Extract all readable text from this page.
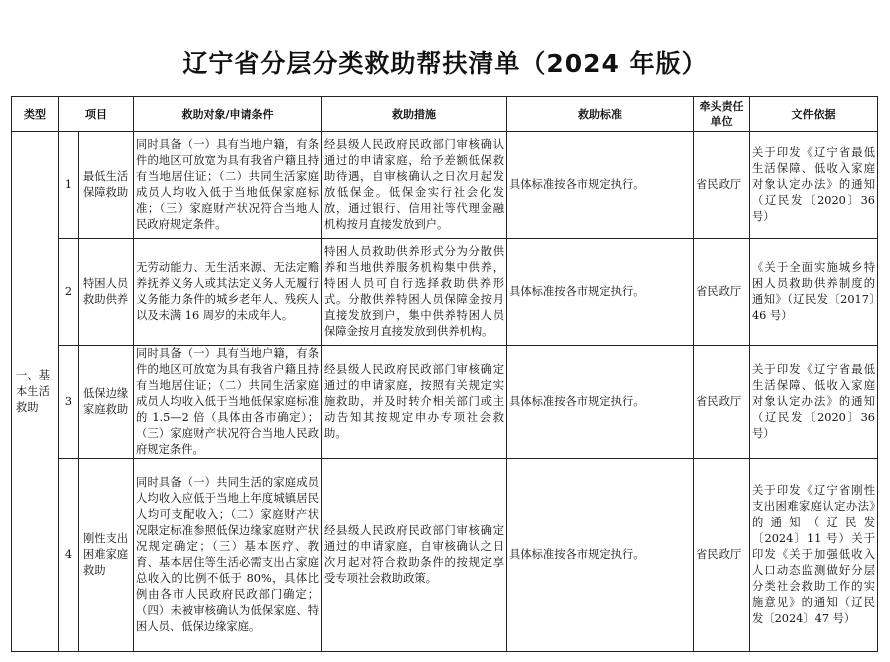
辽宁省分层分类救助帮扶清单（2024 年版）
类型	项目		救助对象/申请条件	救助措施	救助标准	牵头责任单位	文件依据
一、基本生活救助	1	最低生活保障救助	同时具备（一）具有当地户籍，有条件的地区可放宽为具有我省户籍且持有当地居住证；（二）共同生活家庭成员人均收入低于当地低保家庭标准；（三）家庭财产状况符合当地人民政府规定条件。	经县级人民政府民政部门审核确认通过的申请家庭，给予差额低保救助待遇，自审核确认之日次月起发放低保金。低保金实行社会化发放，通过银行、信用社等代理金融机构按月直接发放到户。	具体标准按各市规定执行。	省民政厅	关于印发《辽宁省最低生活保障、低收入家庭对象认定办法》的通知（辽民发〔2020〕36 号）
	2	特困人员救助供养	无劳动能力、无生活来源、无法定赡养抚养义务人或其法定义务人无履行义务能力条件的城乡老年人、残疾人以及未满 16 周岁的未成年人。	特困人员救助供养形式分为分散供养和当地供养服务机构集中供养，特困人员可自行选择救助供养形式。分散供养特困人员保障金按月直接发放到户，集中供养特困人员保障金按月直接发放到供养机构。	具体标准按各市规定执行。	省民政厅	《关于全面实施城乡特困人员救助供养制度的通知》（辽民发〔2017〕46 号）
	3	低保边缘家庭救助	同时具备（一）具有当地户籍，有条件的地区可放宽为具有我省户籍且持有当地居住证；（二）共同生活家庭成员人均收入低于当地低保家庭标准的 1.5—2 倍（具体由各市确定）；（三）家庭财产状况符合当地人民政府规定条件。	经县级人民政府民政部门审核确定通过的申请家庭，按照有关规定实施救助，并及时转介相关部门或主动告知其按规定申办专项社会救助。	具体标准按各市规定执行。	省民政厅	关于印发《辽宁省最低生活保障、低收入家庭对象认定办法》的通知（辽民发〔2020〕36 号）
	4	刚性支出困难家庭救助	同时具备（一）共同生活的家庭成员人均收入应低于当地上年度城镇居民人均可支配收入；（二）家庭财产状况限定标准参照低保边缘家庭财产状况规定确定；（三）基本医疗、教育、基本居住等生活必需支出占家庭总收入的比例不低于 80%，具体比例由各市人民政府民政部门确定；（四）未被审核确认为低保家庭、特困人员、低保边缘家庭。	经县级人民政府民政部门审核确定通过的申请家庭，自审核确认之日次月起对符合救助条件的按规定享受专项社会救助政策。	具体标准按各市规定执行。	省民政厅	关于印发《辽宁省刚性支出困难家庭认定办法》的通知（辽民发〔2024〕11 号）关于印发《关于加强低收入人口动态监测做好分层分类社会救助工作的实施意见》的通知（辽民发〔2024〕47 号）
